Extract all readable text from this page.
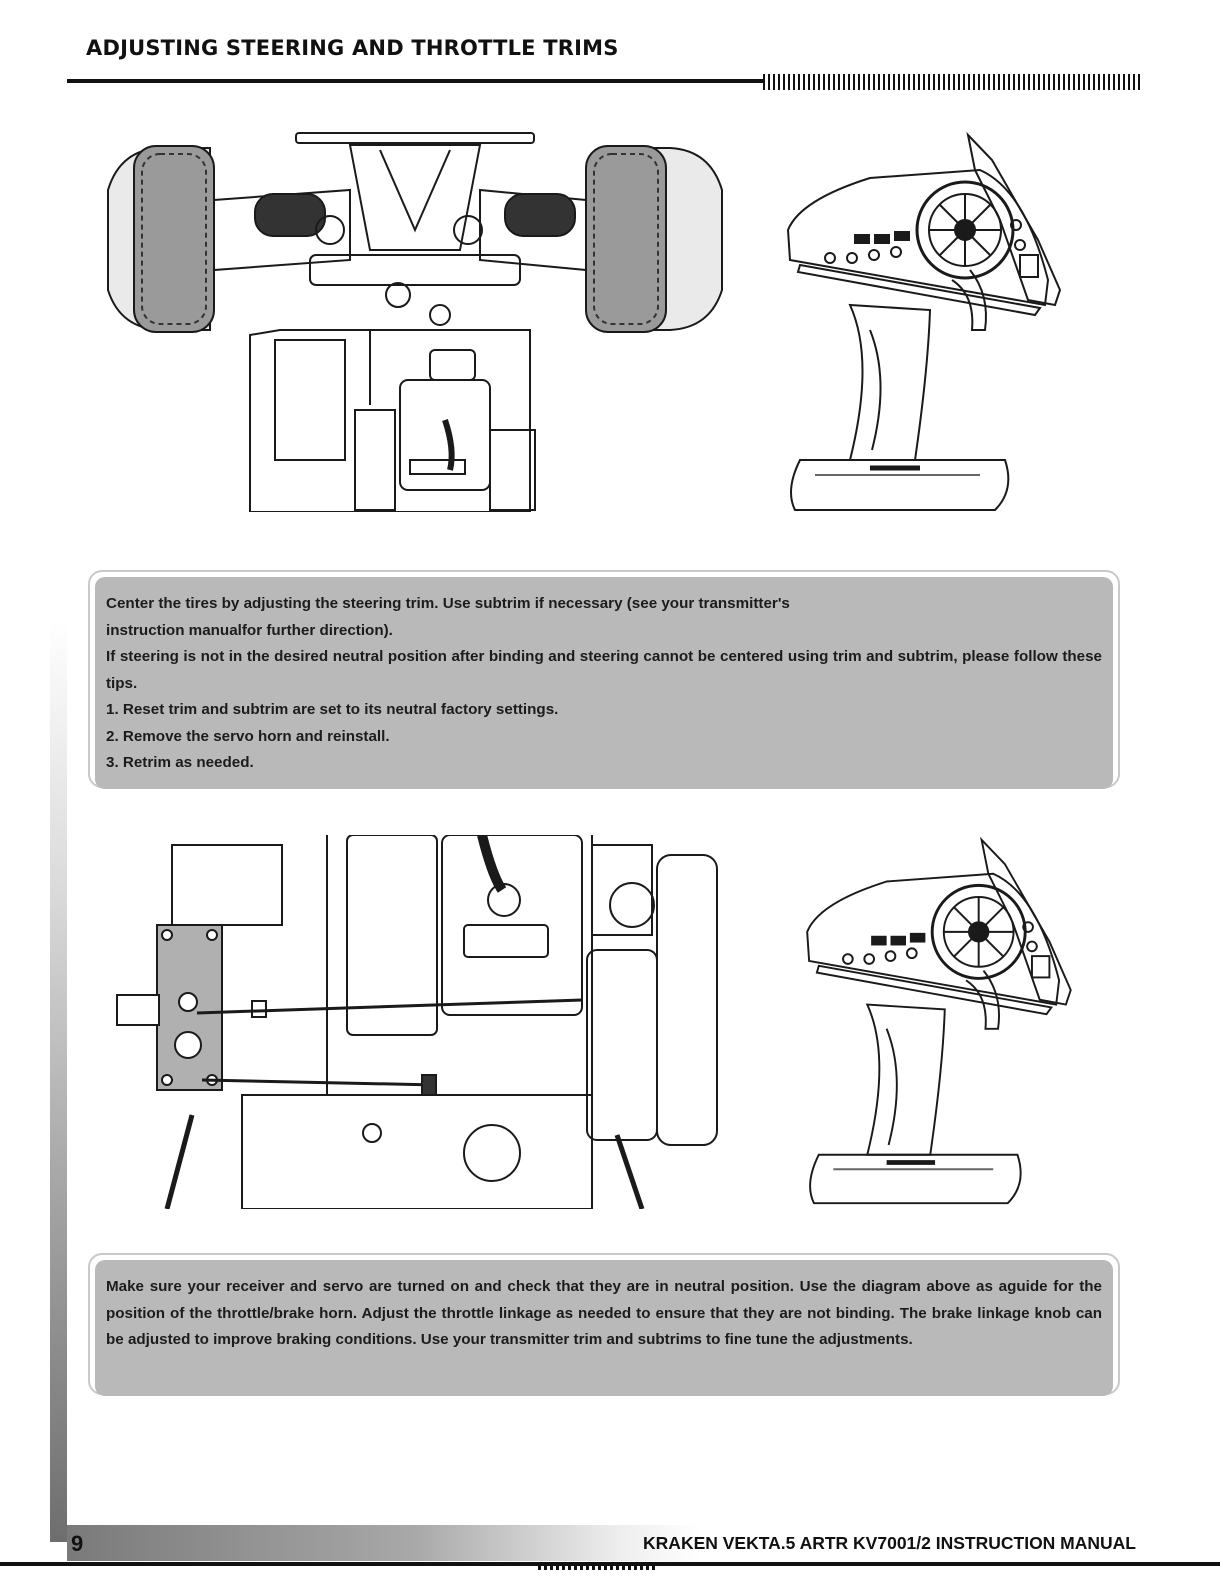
ADJUSTING STEERING AND THROTTLE TRIMS

Center the tires by adjusting the steering trim. Use subtrim if necessary (see your transmitter's

instruction manualfor further direction).

If steering is not in the desired neutral position after binding and steering cannot be centered using trim and subtrim, please follow these tips.

1. Reset trim and subtrim are set to its neutral factory settings.

2. Remove the servo horn and reinstall.

3. Retrim as needed.

Make sure your receiver and servo are turned on and check that they are in neutral position. Use the diagram above as aguide for the position of the throttle/brake horn. Adjust the throttle linkage as needed to ensure that they are not binding. The brake linkage knob can be adjusted to improve braking conditions. Use your transmitter trim and subtrims to fine tune the adjustments.

9	KRAKEN VEKTA.5 ARTR KV7001/2 INSTRUCTION MANUAL
